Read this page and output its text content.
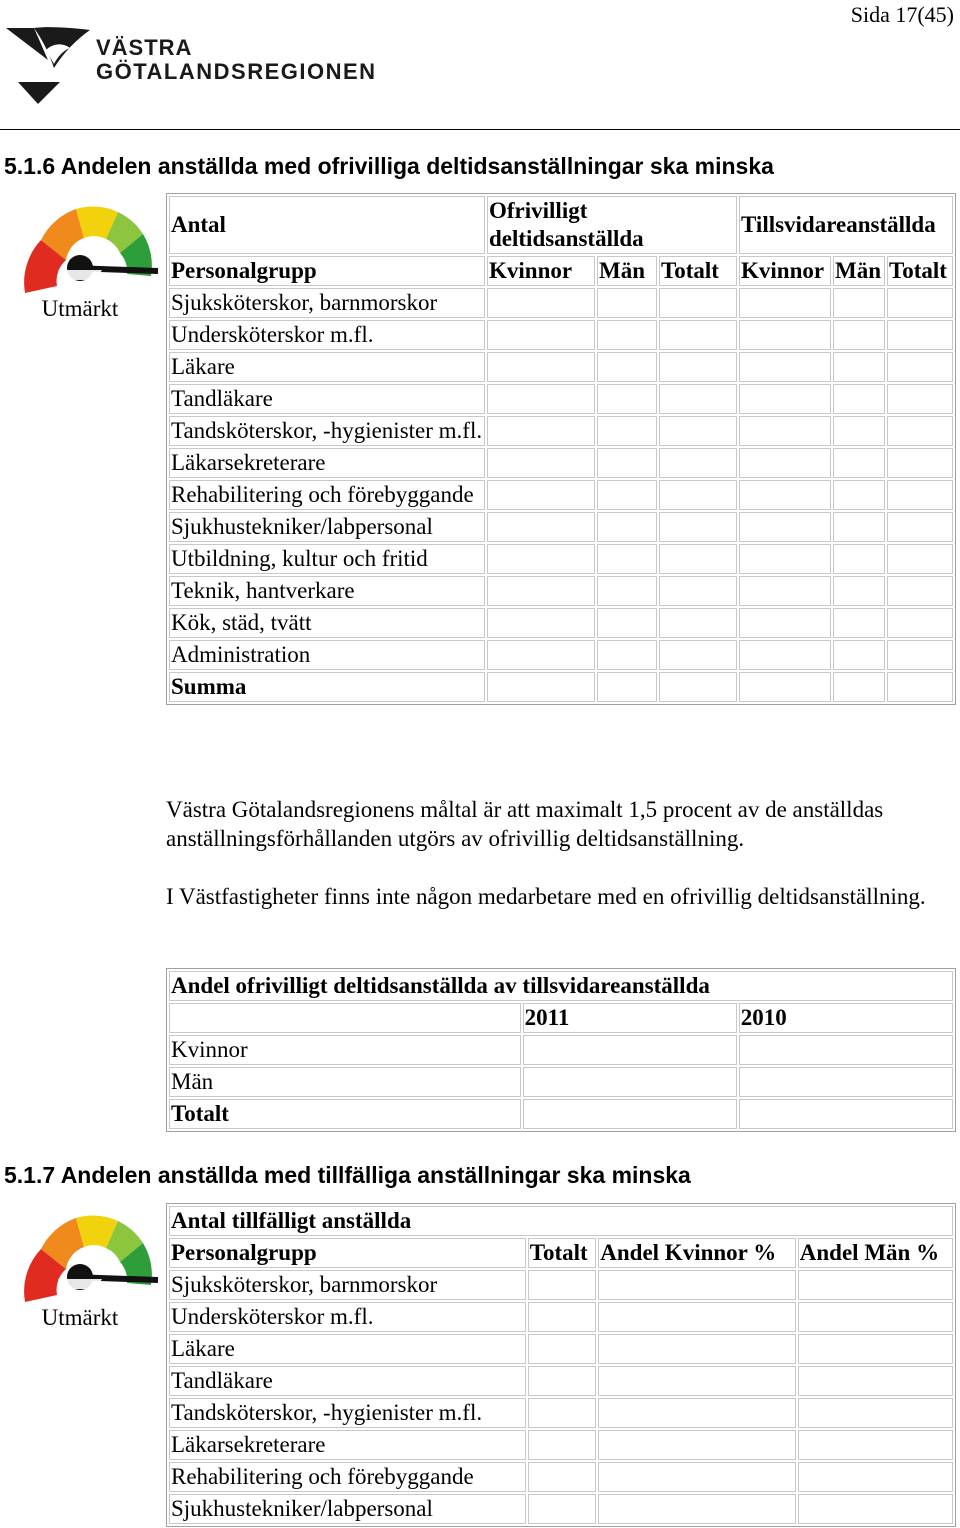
Sida 17(45)
VÄSTRA
GÖTALANDSREGIONEN
5.1.6 Andelen anställda med ofrivilliga deltidsanställningar ska minska
Utmärkt
Antal	Ofrivilligt deltidsanställda			Tillsvidareanställda		
Personalgrupp	Kvinnor	Män	Totalt	Kvinnor	Män	Totalt
Sjuksköterskor, barnmorskor						
Undersköterskor m.fl.						
Läkare						
Tandläkare						
Tandsköterskor, -hygienister m.fl.						
Läkarsekreterare						
Rehabilitering och förebyggande						
Sjukhustekniker/labpersonal						
Utbildning, kultur och fritid						
Teknik, hantverkare						
Kök, städ, tvätt						
Administration						
Summa						
Västra Götalandsregionens måltal är att maximalt 1,5 procent av de anställdas anställningsförhållanden utgörs av ofrivillig deltidsanställning.
I Västfastigheter finns inte någon medarbetare med en ofrivillig deltidsanställning.
Andel ofrivilligt deltidsanställda av tillsvidareanställda		
	2011	2010
Kvinnor		
Män		
Totalt		
5.1.7 Andelen anställda med tillfälliga anställningar ska minska
Utmärkt
Antal tillfälligt anställda			
Personalgrupp	Totalt	Andel Kvinnor %	Andel Män %
Sjuksköterskor, barnmorskor			
Undersköterskor m.fl.			
Läkare			
Tandläkare			
Tandsköterskor, -hygienister m.fl.			
Läkarsekreterare			
Rehabilitering och förebyggande			
Sjukhustekniker/labpersonal			
